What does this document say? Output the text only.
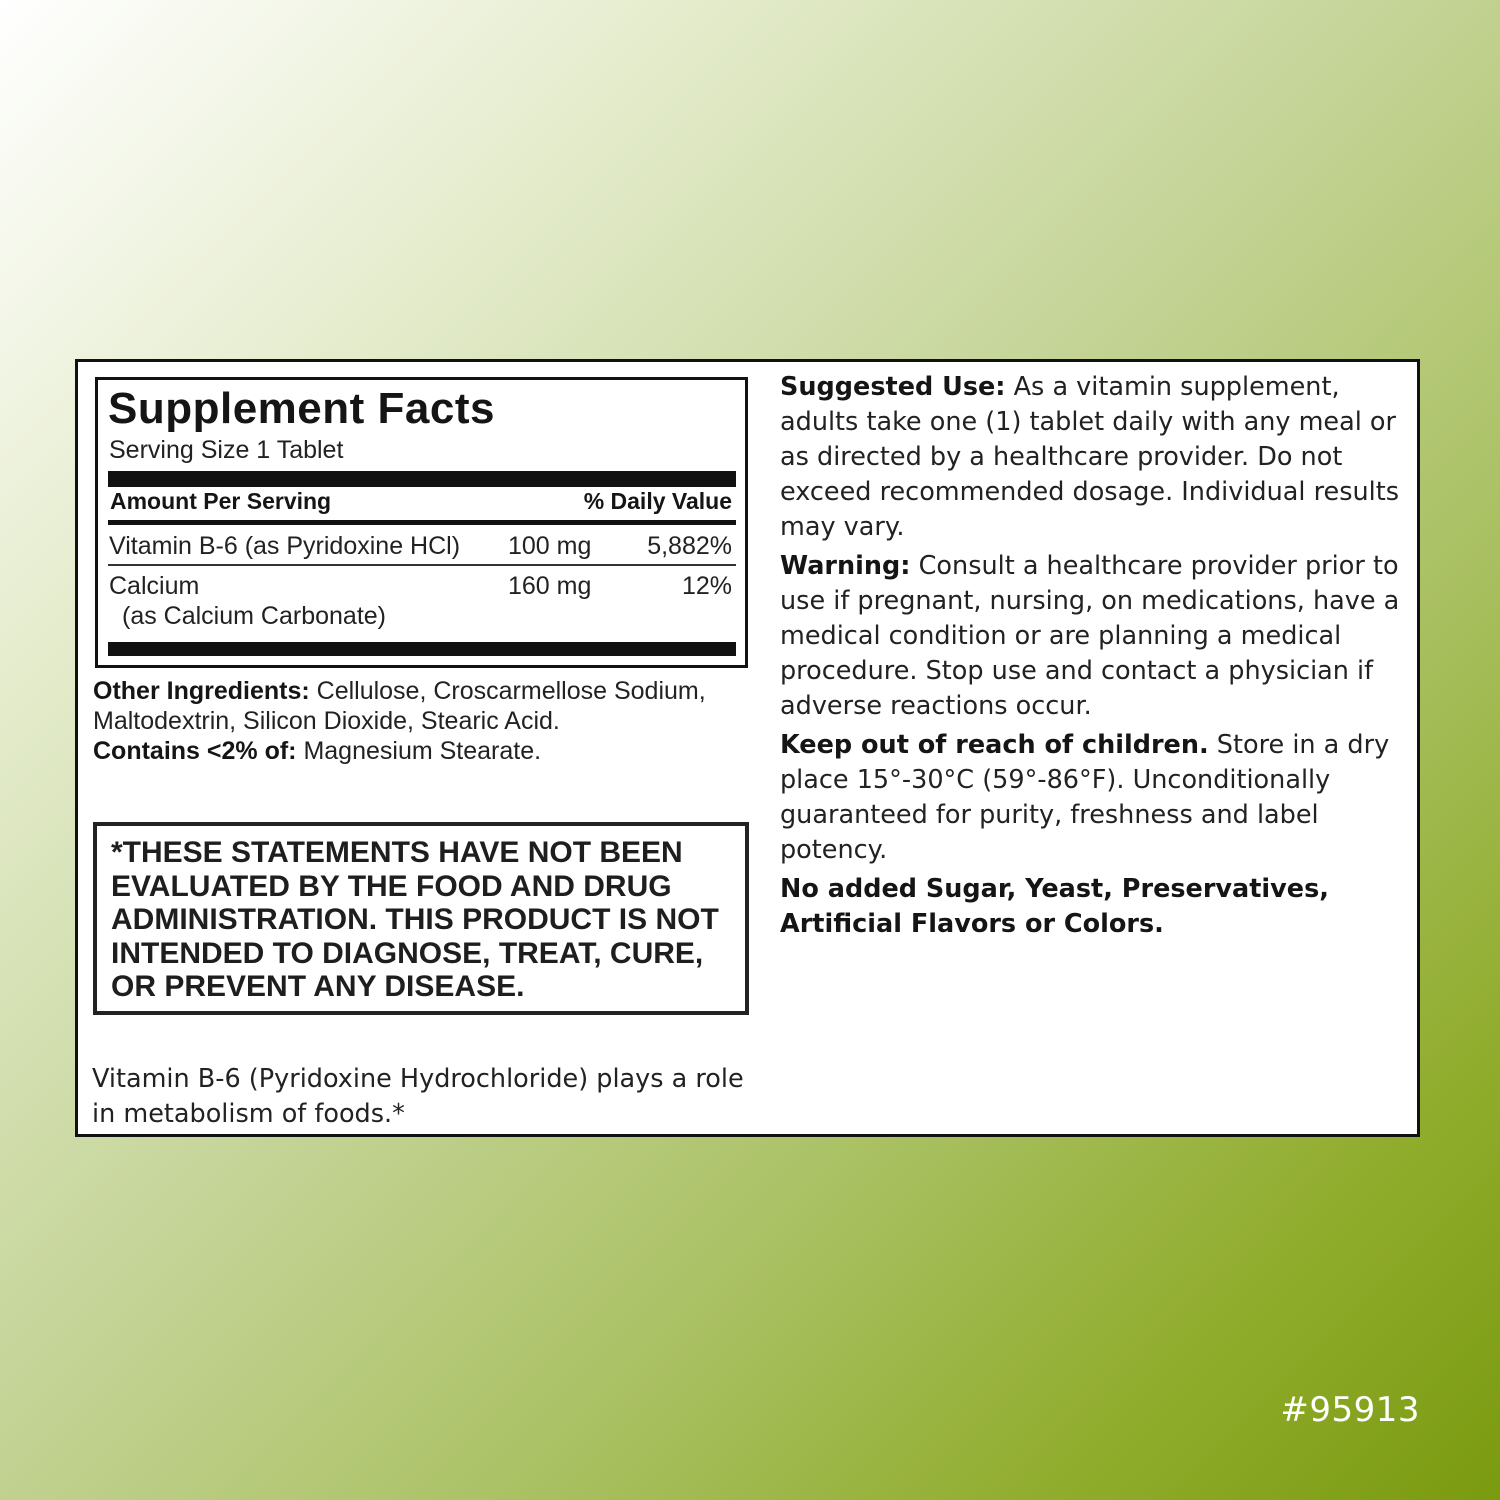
Supplement Facts
Serving Size 1 Tablet
Amount Per Serving	% Daily Value
Vitamin B-6 (as Pyridoxine HCl) 100 mg 5,882%
Calcium
(as Calcium Carbonate)
160 mg	12%
Other Ingredients: Cellulose, Croscarmellose Sodium, Maltodextrin, Silicon Dioxide, Stearic Acid.
Contains <2% of: Magnesium Stearate.
*THESE STATEMENTS HAVE NOT BEEN EVALUATED BY THE FOOD AND DRUG ADMINISTRATION. THIS PRODUCT IS NOT INTENDED TO DIAGNOSE, TREAT, CURE, OR PREVENT ANY DISEASE.
Vitamin B-6 (Pyridoxine Hydrochloride) plays a role in metabolism of foods.*

Suggested Use: As a vitamin supplement, adults take one (1) tablet daily with any meal or as directed by a healthcare provider. Do not exceed recommended dosage. Individual results may vary.

Warning: Consult a healthcare provider prior to use if pregnant, nursing, on medications, have a medical condition or are planning a medical procedure. Stop use and contact a physician if adverse reactions occur.

Keep out of reach of children. Store in a dry place 15°-30°C (59°-86°F). Unconditionally guaranteed for purity, freshness and label potency.

No added Sugar, Yeast, Preservatives, Artificial Flavors or Colors.

#95913
